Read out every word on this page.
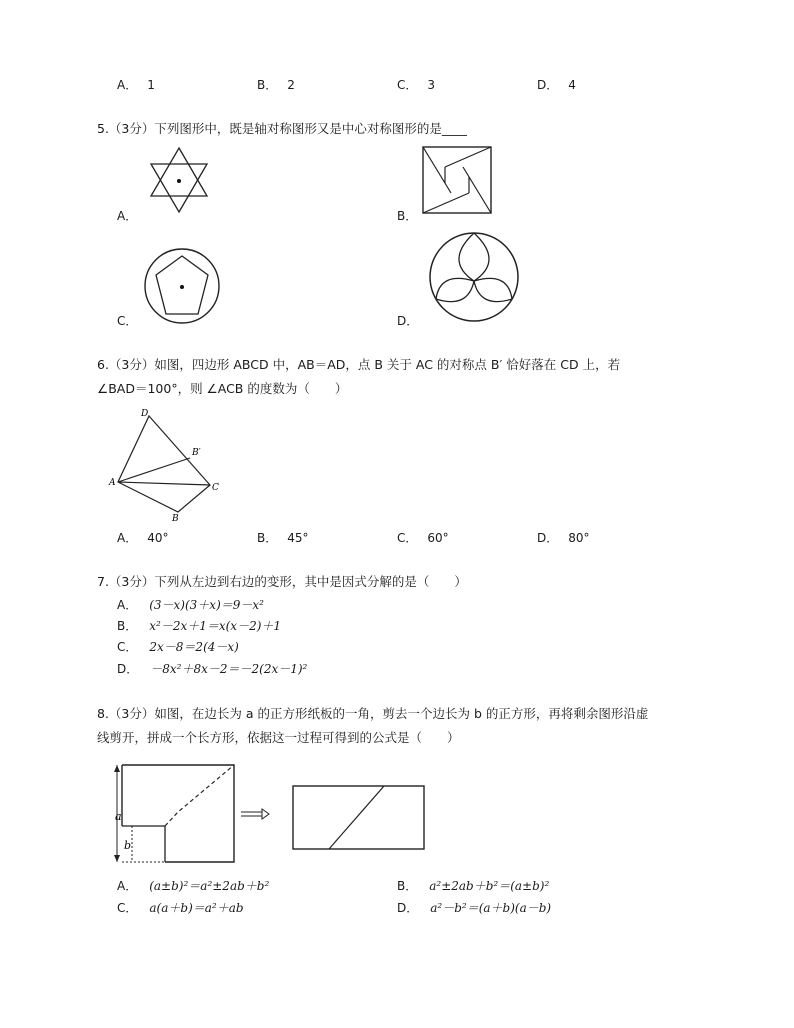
A． 1	B． 2	C． 3	D． 4
5.（3分）下列图形中，既是轴对称图形又是中心对称图形的是____
A．	B．
C．	D．
6.（3分）如图，四边形 ABCD 中，AB＝AD，点 B 关于 AC 的对称点 B′ 恰好落在 CD 上，若
∠BAD＝100°，则 ∠ACB 的度数为（　　）
D
A	C
B
B′
A． 40°	B． 45°	C． 60°	D． 80°
7.（3分）下列从左边到右边的变形，其中是因式分解的是（　　）
A． (3－x)(3＋x)＝9－x²
B． x²－2x＋1＝x(x－2)＋1
C． 2x－8＝2(4－x)
D． －8x²＋8x－2＝－2(2x－1)²
8.（3分）如图，在边长为 a 的正方形纸板的一角，剪去一个边长为 b 的正方形，再将剩余图形沿虚
线剪开，拼成一个长方形，依据这一过程可得到的公式是（　　）
a
b
A． (a±b)²＝a²±2ab＋b²	B． a²±2ab＋b²＝(a±b)²
C． a(a＋b)＝a²＋ab	D． a²－b²＝(a＋b)(a－b)
